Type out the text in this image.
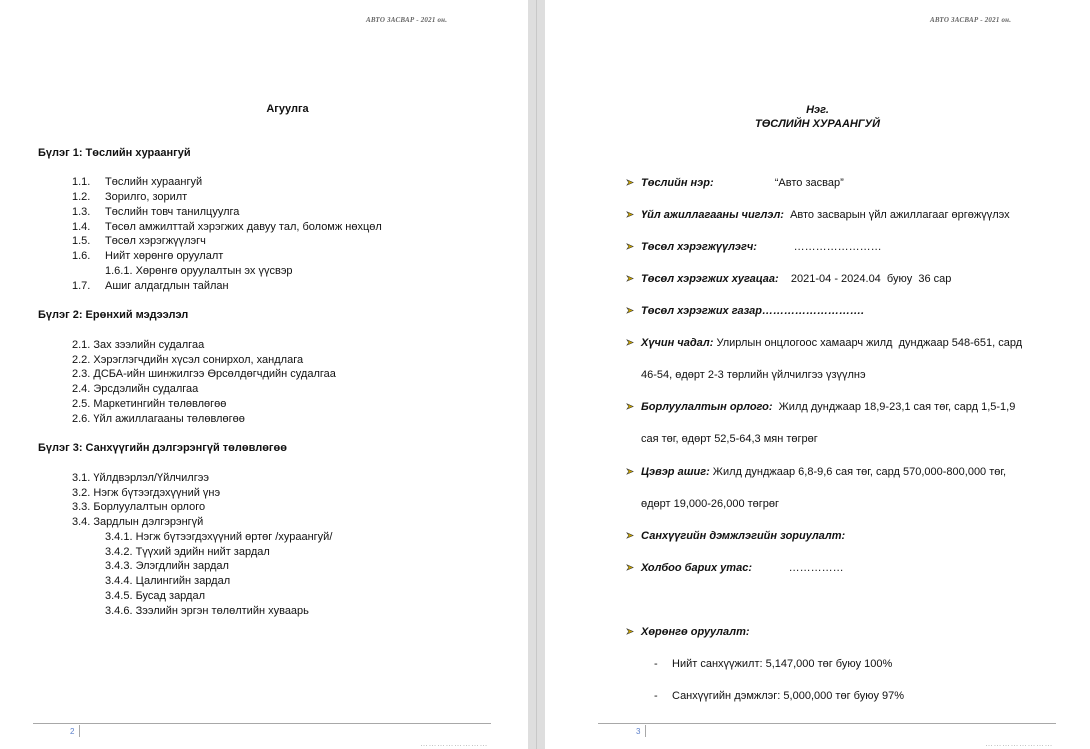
АВТО ЗАСВАР - 2021 он.
Агуулга
Бүлэг 1: Төслийн хураангуй
1.1. Төслийн хураангуй
1.2. Зорилго, зорилт
1.3. Төслийн товч танилцуулга
1.4. Төсөл амжилттай хэрэгжих давуу тал, боломж нөхцөл
1.5. Төсөл хэрэгжүүлэгч
1.6. Нийт хөрөнгө оруулалт
1.6.1. Хөрөнгө оруулалтын эх үүсвэр
1.7. Ашиг алдагдлын тайлан
Бүлэг 2: Ерөнхий мэдээлэл
2.1. Зах зээлийн судалгаа
2.2. Хэрэглэгчдийн хүсэл сонирхол, хандлага
2.3. ДСБА-ийн шинжилгээ Өрсөлдөгчдийн судалгаа
2.4. Эрсдэлийн судалгаа
2.5. Маркетингийн төлөвлөгөө
2.6. Үйл ажиллагааны төлөвлөгөө
Бүлэг 3: Санхүүгийн дэлгэрэнгүй төлөвлөгөө
3.1. Үйлдвэрлэл/Үйлчилгээ
3.2. Нэгж бүтээгдэхүүний үнэ
3.3. Борлуулалтын орлого
3.4. Зардлын дэлгэрэнгүй
3.4.1. Нэгж бүтээгдэхүүний өртөг /хураангуй/
3.4.2. Түүхий эдийн нийт зардал
3.4.3. Элэгдлийн зардал
3.4.4. Цалингийн зардал
3.4.5. Бусад зардал
3.4.6. Зээлийн эргэн төлөлтийн хуваарь
2
……………………
АВТО ЗАСВАР - 2021 он.
Нэг.
ТӨСЛИЙН ХУРААНГУЙ
Төслийн нэр:                    “Авто засвар”
Үйл ажиллагааны чиглэл:  Авто засварын үйл ажиллагааг өргөжүүлэх
Төсөл хэрэгжүүлэгч:            ……………………
Төсөл хэрэгжих хугацаа:    2021-04 - 2024.04  буюу  36 сар
Төсөл хэрэгжих газар……………………….
Хүчин чадал: Улирлын онцлогоос хамаарч жилд  дунджаар 548-651, сард
46-54, өдөрт 2-3 төрлийн үйлчилгээ үзүүлнэ
Борлуулалтын орлого:  Жилд дунджаар 18,9-23,1 сая төг, сард 1,5-1,9
сая төг, өдөрт 52,5-64,3 мян төгрөг
Цэвэр ашиг: Жилд дунджаар 6,8-9,6 сая төг, сард 570,000-800,000 төг,
өдөрт 19,000-26,000 төгрөг
Санхүүгийн дэмжлэгийн зориулалт:
Холбоо барих утас:            ……………
Хөрөнгө оруулалт:
- Нийт санхүүжилт: 5,147,000 төг буюу 100%
- Санхүүгийн дэмжлэг: 5,000,000 төг буюу 97%
3
……………………
